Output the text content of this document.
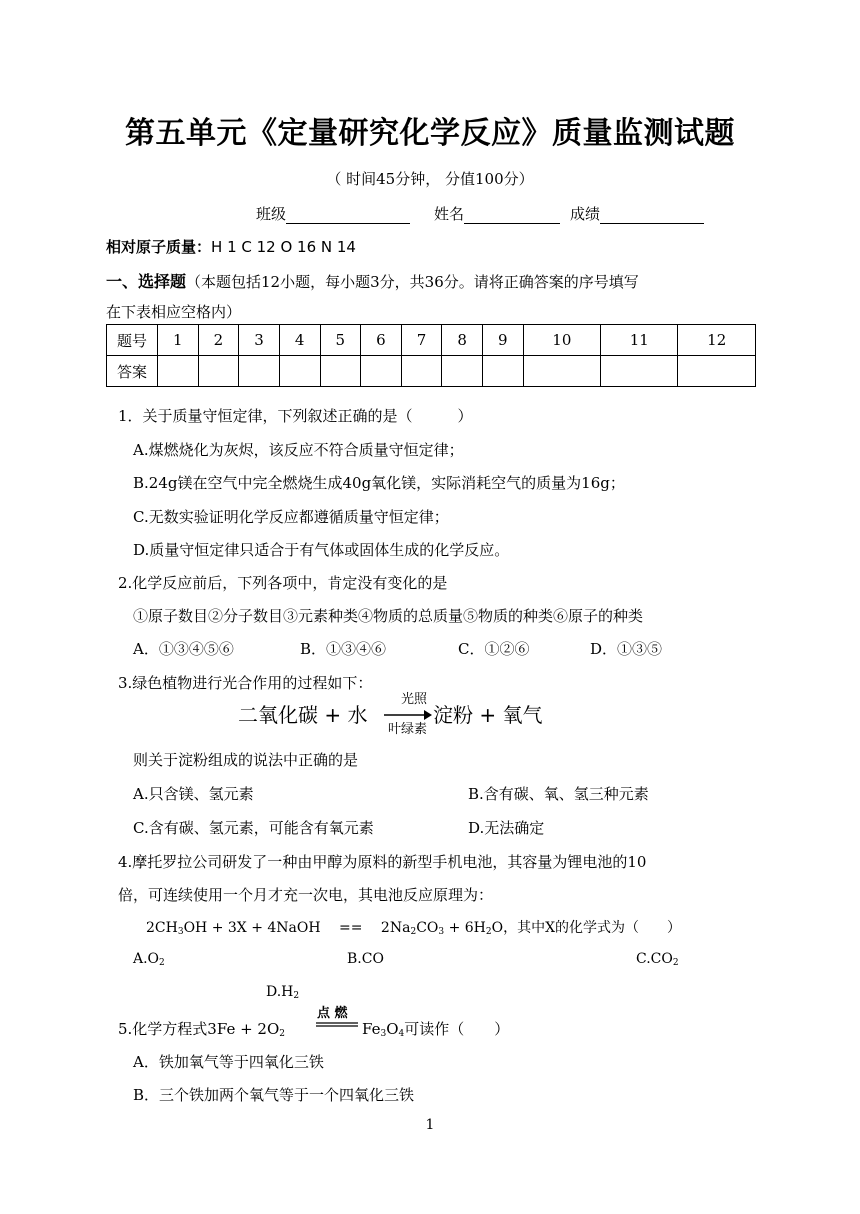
第五单元《定量研究化学反应》质量监测试题
（ 时间45分钟， 分值100分）
班级	姓名	成绩
相对原子质量：H 1 C 12 O 16 N 14
一、选择题（本题包括12小题，每小题3分，共36分。请将正确答案的序号填写
在下表相应空格内）
题号	1	2	3	4	5	6	7	8	9	10	11	12
答案												
1．关于质量守恒定律，下列叙述正确的是（　　　）
A.煤燃烧化为灰烬，该反应不符合质量守恒定律；
B.24g镁在空气中完全燃烧生成40g氧化镁，实际消耗空气的质量为16g；
C.无数实验证明化学反应都遵循质量守恒定律；
D.质量守恒定律只适合于有气体或固体生成的化学反应。
2.化学反应前后，下列各项中，肯定没有变化的是
①原子数目②分子数目③元素种类④物质的总质量⑤物质的种类⑥原子的种类
A．①③④⑤⑥	B．①③④⑥	C．①②⑥	D．①③⑤
3.绿色植物进行光合作用的过程如下：
二氧化碳 + 水
光照
叶绿素
淀粉 + 氧气
则关于淀粉组成的说法中正确的是
A.只含镁、氢元素	B.含有碳、氧、氢三种元素
C.含有碳、氢元素，可能含有氧元素	D.无法确定
4.摩托罗拉公司研发了一种由甲醇为原料的新型手机电池，其容量为锂电池的10
倍，可连续使用一个月才充一次电，其电池反应原理为：
$2CH_3OH + 3X$ + 4NaOH　 ==　 $2Na_2CO_3 + 6H_2O$，其中X的化学式为（　　）
$A.O_2$	B.CO	$C.CO_2$
$D.H_2$
5.化学方程式$3Fe + 2O_2$
点 燃
$Fe_3O_4$可读作（　　）
A．铁加氧气等于四氧化三铁
B．三个铁加两个氧气等于一个四氧化三铁
1
